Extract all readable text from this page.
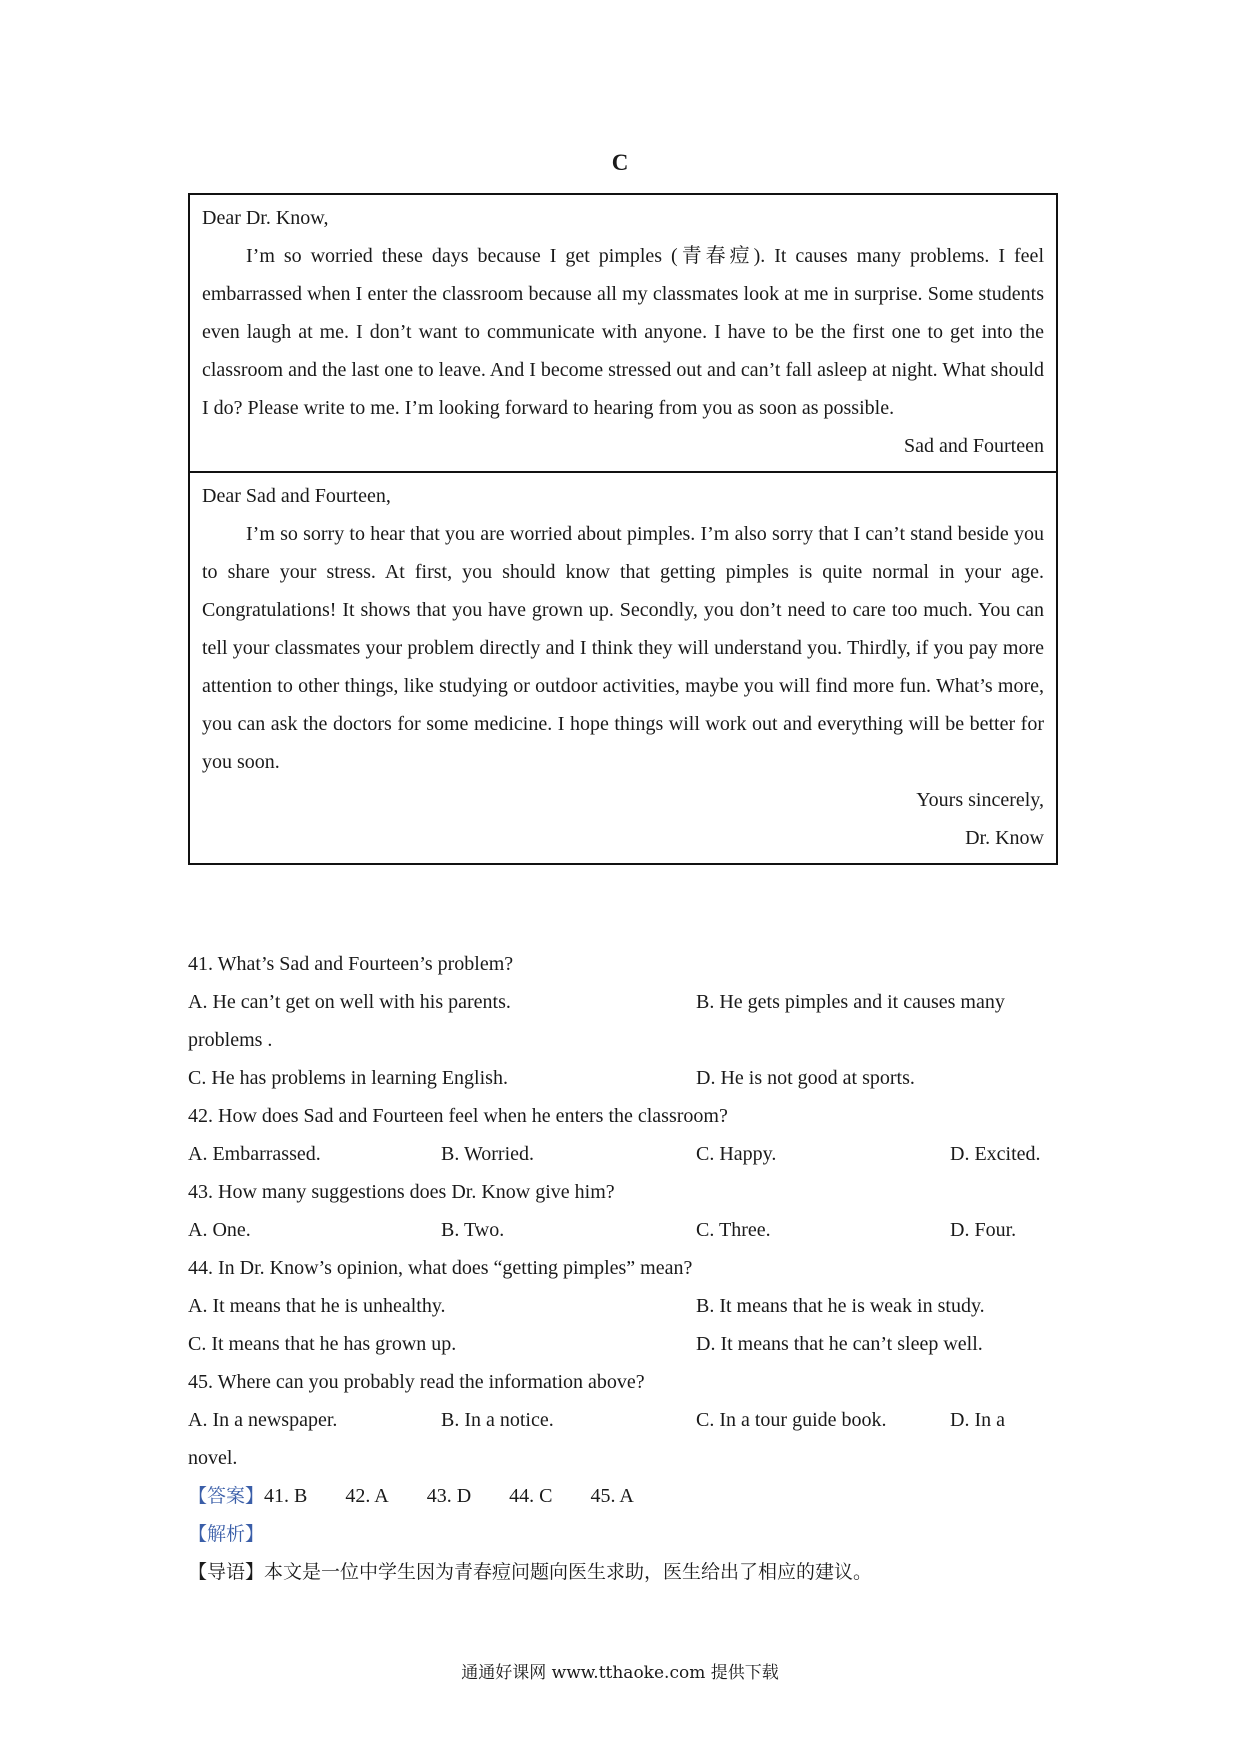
C

Dear Dr. Know,

I’m so worried these days because I get pimples (青春痘). It causes many problems. I feel embarrassed when I enter the classroom because all my classmates look at me in surprise. Some students even laugh at me. I don’t want to communicate with anyone. I have to be the first one to get into the classroom and the last one to leave. And I become stressed out and can’t fall asleep at night. What should I do? Please write to me. I’m looking forward to hearing from you as soon as possible.

Sad and Fourteen

Dear Sad and Fourteen,

I’m so sorry to hear that you are worried about pimples. I’m also sorry that I can’t stand beside you to share your stress. At first, you should know that getting pimples is quite normal in your age. Congratulations! It shows that you have grown up. Secondly, you don’t need to care too much. You can tell your classmates your problem directly and I think they will understand you. Thirdly, if you pay more attention to other things, like studying or outdoor activities, maybe you will find more fun. What’s more, you can ask the doctors for some medicine. I hope things will work out and everything will be better for you soon.

Yours sincerely,

Dr. Know

41. What’s Sad and Fourteen’s problem?

A. He can’t get on well with his parents.	B. He gets pimples and it causes many
problems .
C. He has problems in learning English.	D. He is not good at sports.

42. How does Sad and Fourteen feel when he enters the classroom?

A. Embarrassed.	B. Worried.	C. Happy.	D. Excited.

43. How many suggestions does Dr. Know give him?

A. One.	B. Two.	C. Three.	D. Four.

44. In Dr. Know’s opinion, what does “getting pimples” mean?

A. It means that he is unhealthy.	B. It means that he is weak in study.
C. It means that he has grown up.	D. It means that he can’t sleep well.

45. Where can you probably read the information above?

A. In a newspaper.	B. In a notice.	C. In a tour guide book.	D. In a
novel.
【答案】41. B 42. A 43. D 44. C 45. A
【解析】
【导语】本文是一位中学生因为青春痘问题向医生求助，医生给出了相应的建议。
通通好课网 www.tthaoke.com 提供下载
